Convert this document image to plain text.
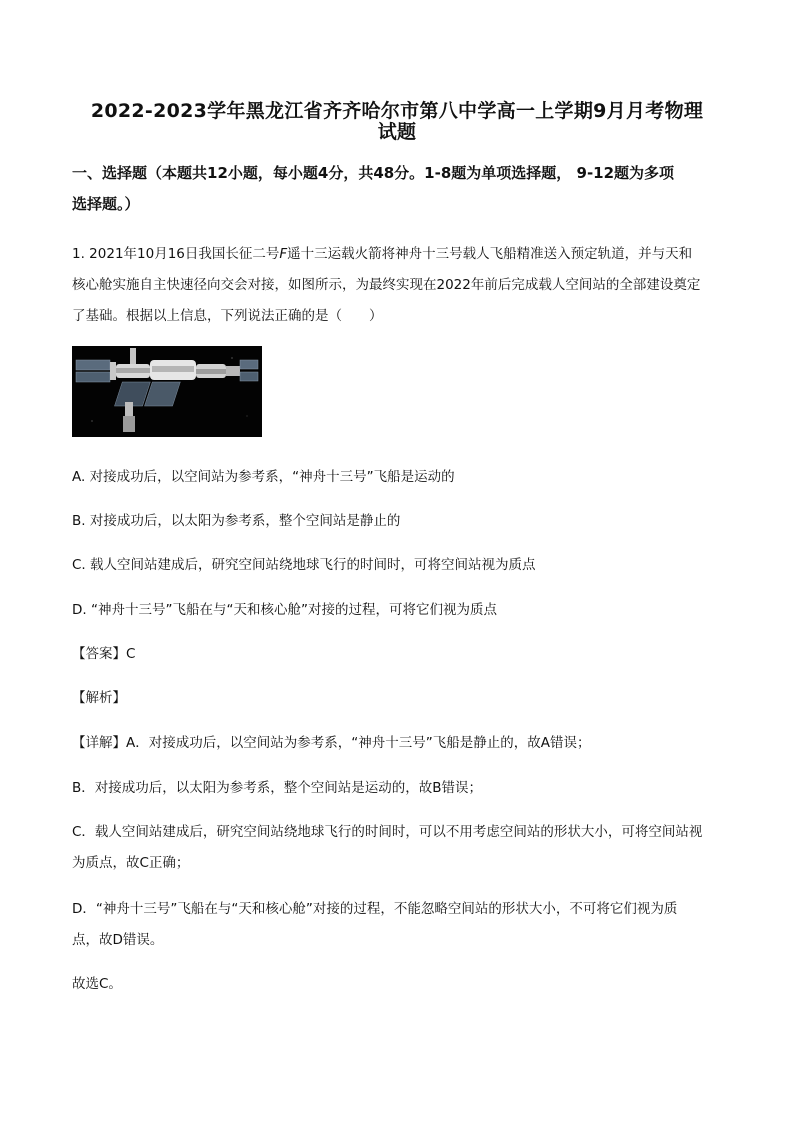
2022-2023学年黑龙江省齐齐哈尔市第八中学高一上学期9月月考物理
试题
一、选择题（本题共12小题，每小题4分，共48分。1-8题为单项选择题， 9-12题为多项
选择题。）
1. 2021年10月16日我国长征二号F遥十三运载火箭将神舟十三号载人飞船精准送入预定轨道，并与天和
核心舱实施自主快速径向交会对接，如图所示，为最终实现在2022年前后完成载人空间站的全部建设奠定
了基础。根据以上信息，下列说法正确的是（　　）
A. 对接成功后，以空间站为参考系，“神舟十三号”飞船是运动的
B. 对接成功后，以太阳为参考系，整个空间站是静止的
C. 载人空间站建成后，研究空间站绕地球飞行的时间时，可将空间站视为质点
D. “神舟十三号”飞船在与“天和核心舱”对接的过程，可将它们视为质点
【答案】C
【解析】
【详解】A．对接成功后，以空间站为参考系，“神舟十三号”飞船是静止的，故A错误；
B．对接成功后，以太阳为参考系，整个空间站是运动的，故B错误；
C．载人空间站建成后，研究空间站绕地球飞行的时间时，可以不用考虑空间站的形状大小，可将空间站视
为质点，故C正确；
D．“神舟十三号”飞船在与“天和核心舱”对接的过程，不能忽略空间站的形状大小，不可将它们视为质
点，故D错误。
故选C。
